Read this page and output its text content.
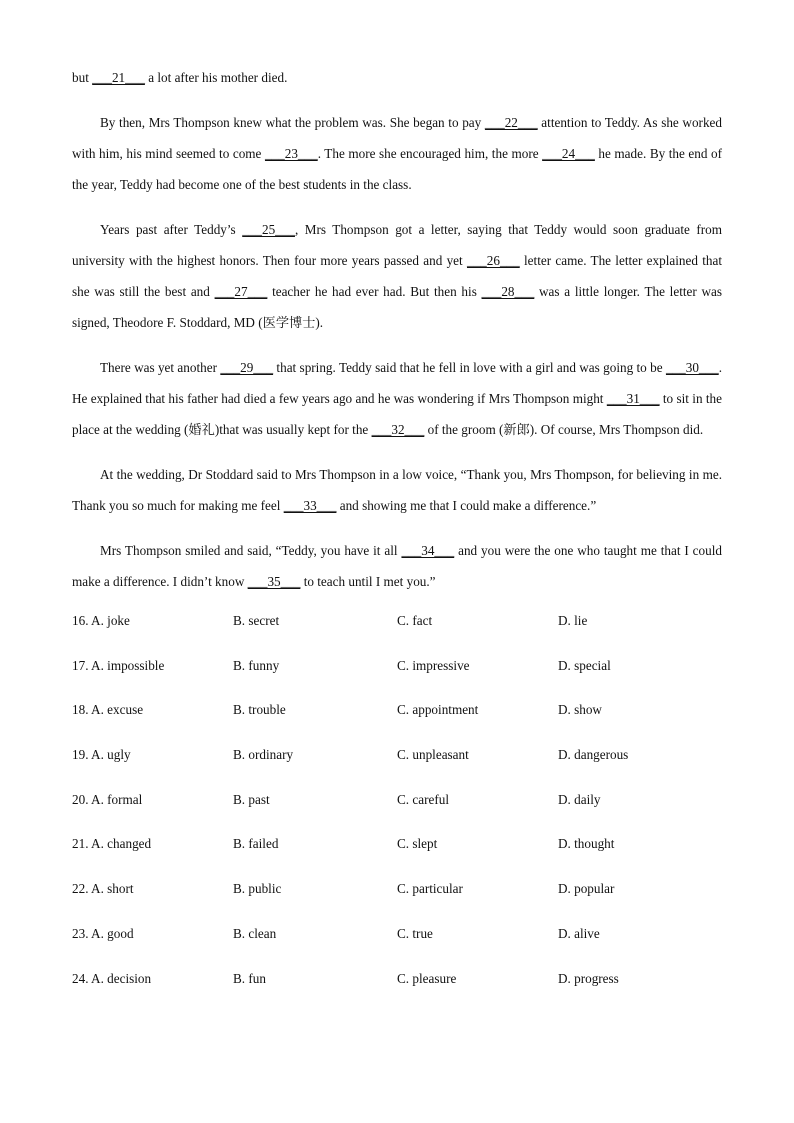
but ___21___ a lot after his mother died.

By then, Mrs Thompson knew what the problem was. She began to pay ___22___ attention to Teddy. As she worked with him, his mind seemed to come ___23___. The more she encouraged him, the more ___24___ he made. By the end of the year, Teddy had become one of the best students in the class.

Years past after Teddy’s ___25___, Mrs Thompson got a letter, saying that Teddy would soon graduate from university with the highest honors. Then four more years passed and yet ___26___ letter came. The letter explained that she was still the best and ___27___ teacher he had ever had. But then his ___28___ was a little longer. The letter was signed, Theodore F. Stoddard, MD (医学博士).

There was yet another ___29___ that spring. Teddy said that he fell in love with a girl and was going to be ___30___. He explained that his father had died a few years ago and he was wondering if Mrs Thompson might ___31___ to sit in the place at the wedding (婚礼)that was usually kept for the ___32___ of the groom (新郎). Of course, Mrs Thompson did.

At the wedding, Dr Stoddard said to Mrs Thompson in a low voice, “Thank you, Mrs Thompson, for believing in me. Thank you so much for making me feel ___33___ and showing me that I could make a difference.”

Mrs Thompson smiled and said, “Teddy, you have it all ___34___ and you were the one who taught me that I could make a difference. I didn’t know ___35___ to teach until I met you.”

16. A. joke	B. secret	C. fact	D. lie
17. A. impossible	B. funny	C. impressive	D. special
18. A. excuse	B. trouble	C. appointment	D. show
19. A. ugly	B. ordinary	C. unpleasant	D. dangerous
20. A. formal	B. past	C. careful	D. daily
21. A. changed	B. failed	C. slept	D. thought
22. A. short	B. public	C. particular	D. popular
23. A. good	B. clean	C. true	D. alive
24. A. decision	B. fun	C. pleasure	D. progress
